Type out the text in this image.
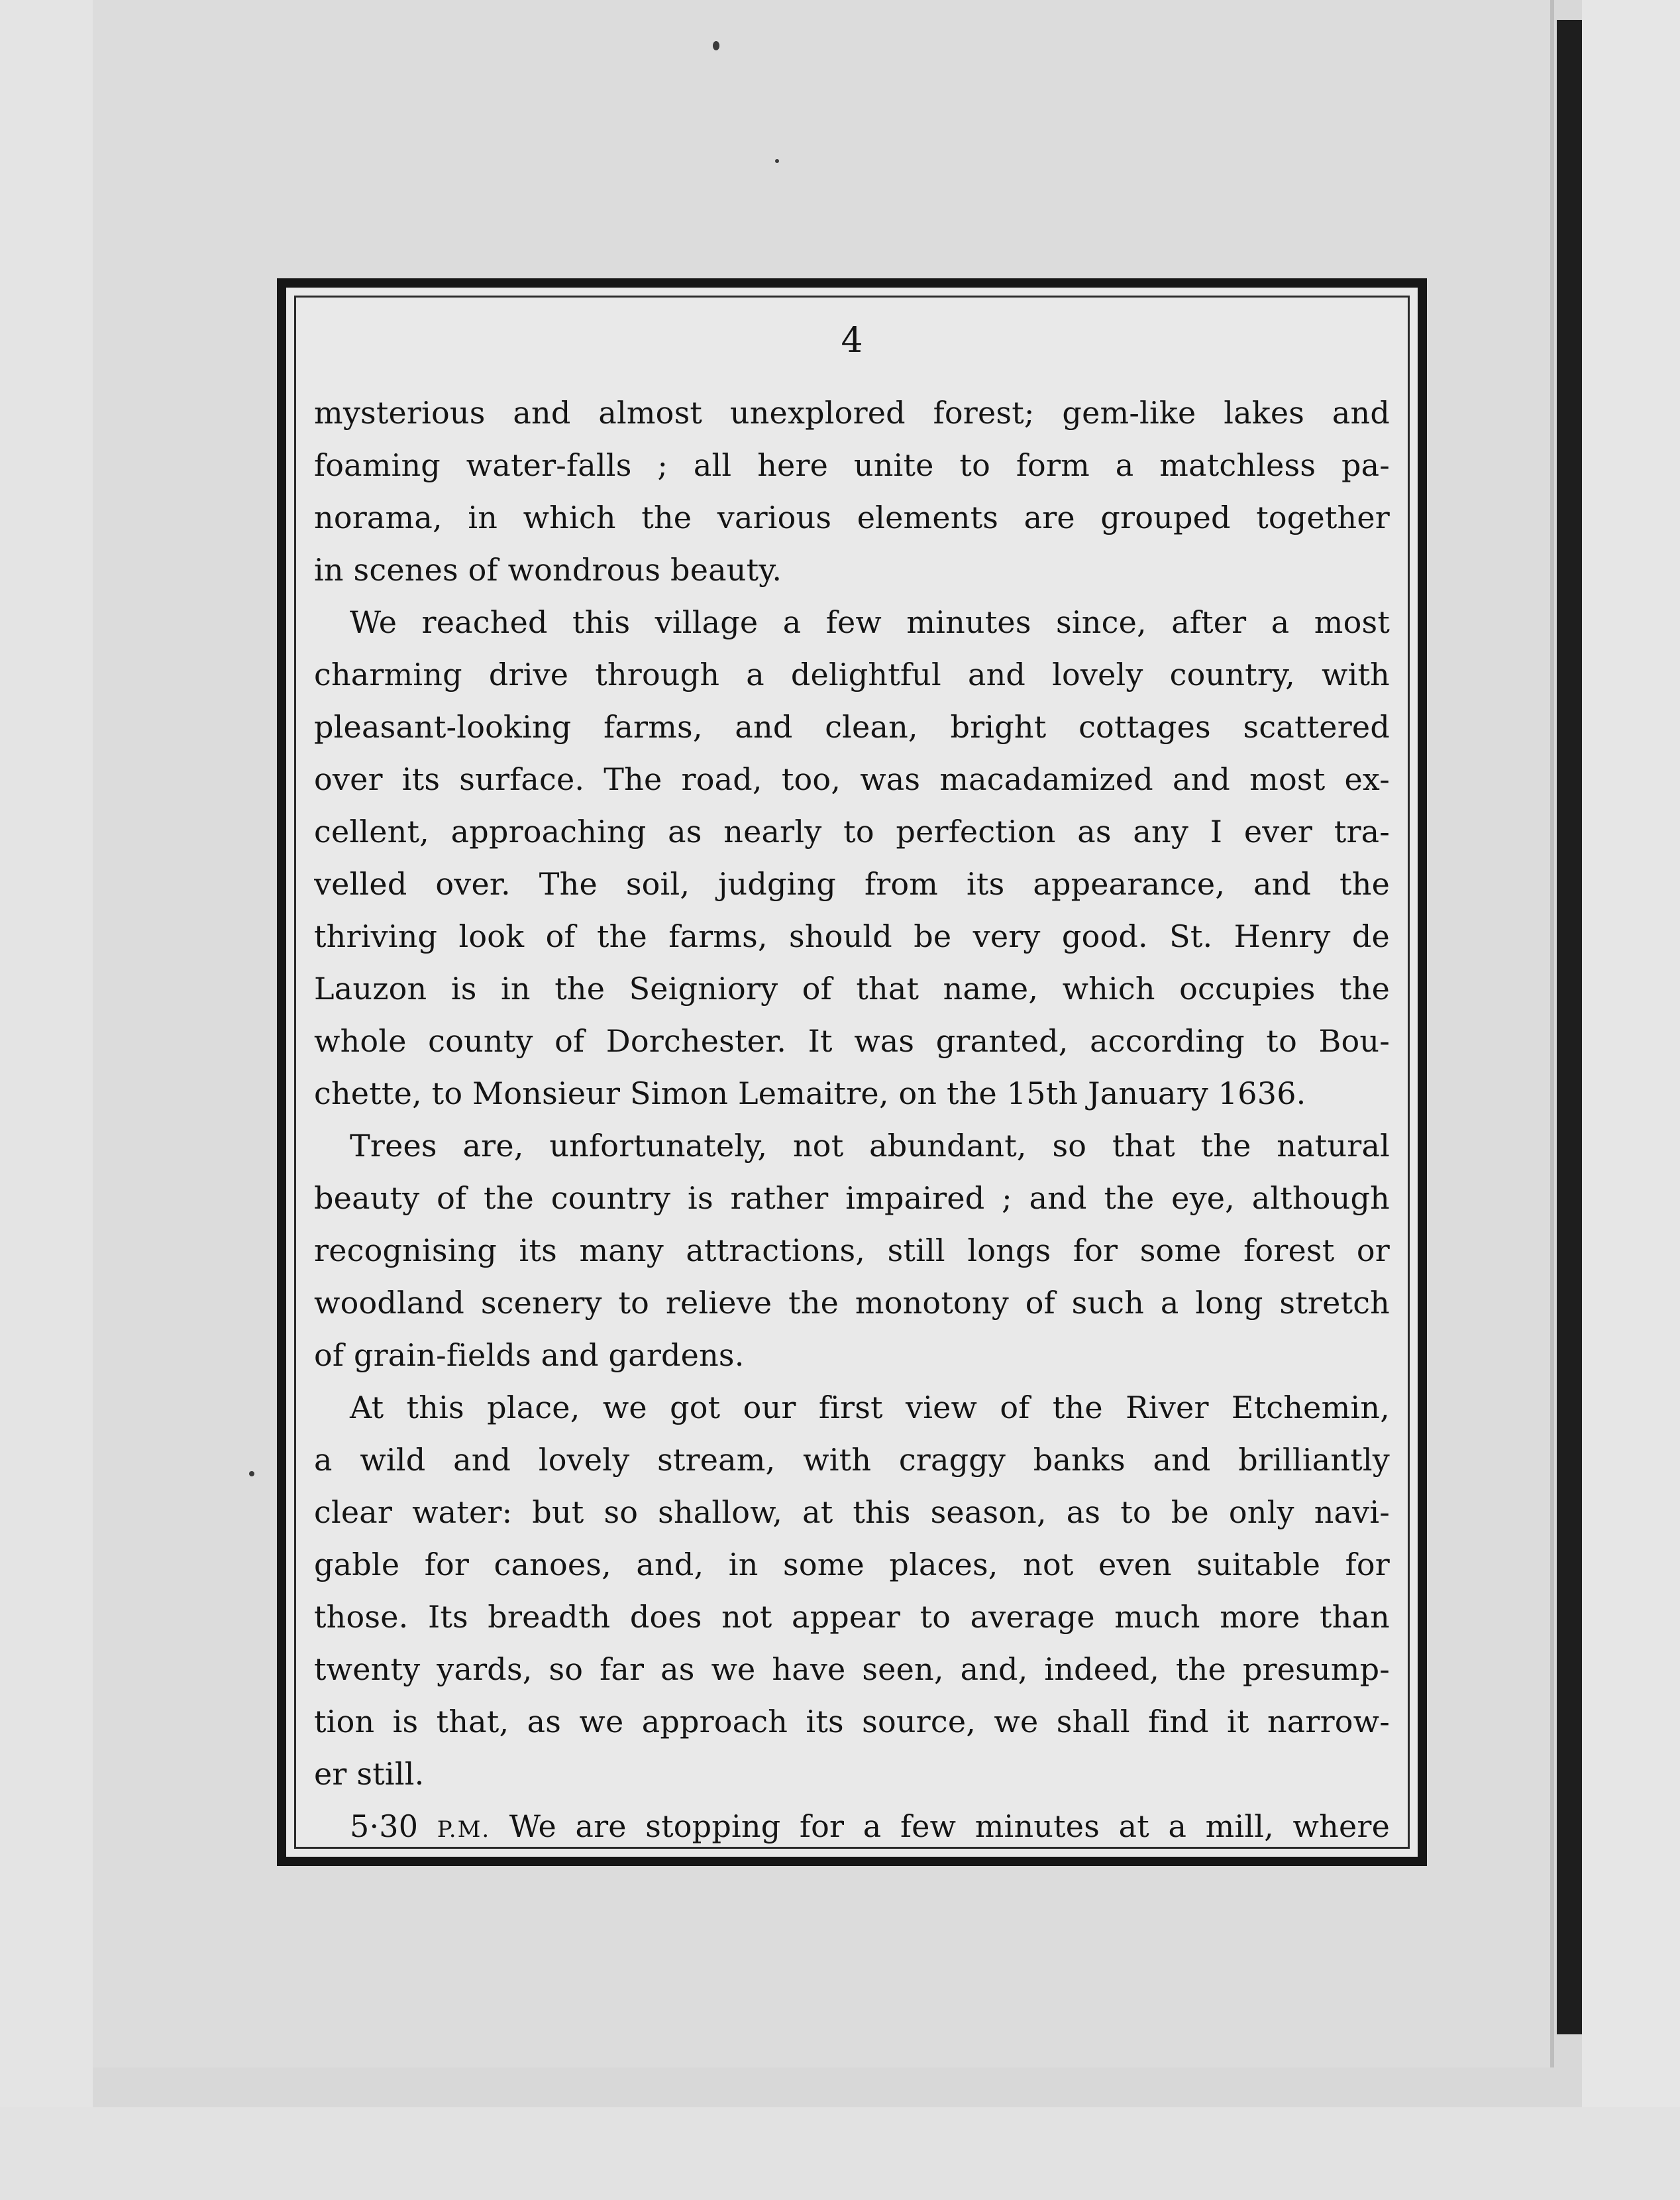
4
mysterious and almost unexplored forest; gem-like lakes and
foaming water-falls ; all here unite to form a matchless pa-
norama, in which the various elements are grouped together
in scenes of wondrous beauty.
We reached this village a few minutes since, after a most
charming drive through a delightful and lovely country, with
pleasant-looking farms, and clean, bright cottages scattered
over its surface. The road, too, was macadamized and most ex-
cellent, approaching as nearly to perfection as any I ever tra-
velled over. The soil, judging from its appearance, and the
thriving look of the farms, should be very good. St. Henry de
Lauzon is in the Seigniory of that name, which occupies the
whole county of Dorchester. It was granted, according to Bou-
chette, to Monsieur Simon Lemaitre, on the 15th January 1636.
Trees are, unfortunately, not abundant, so that the natural
beauty of the country is rather impaired ; and the eye, although
recognising its many attractions, still longs for some forest or
woodland scenery to relieve the monotony of such a long stretch
of grain-fields and gardens.
At this place, we got our first view of the River Etchemin,
a wild and lovely stream, with craggy banks and brilliantly
clear water: but so shallow, at this season, as to be only navi-
gable for canoes, and, in some places, not even suitable for
those. Its breadth does not appear to average much more than
twenty yards, so far as we have seen, and, indeed, the presump-
tion is that, as we approach its source, we shall find it narrow-
er still.
5·30 P.M. We are stopping for a few minutes at a mill, where
